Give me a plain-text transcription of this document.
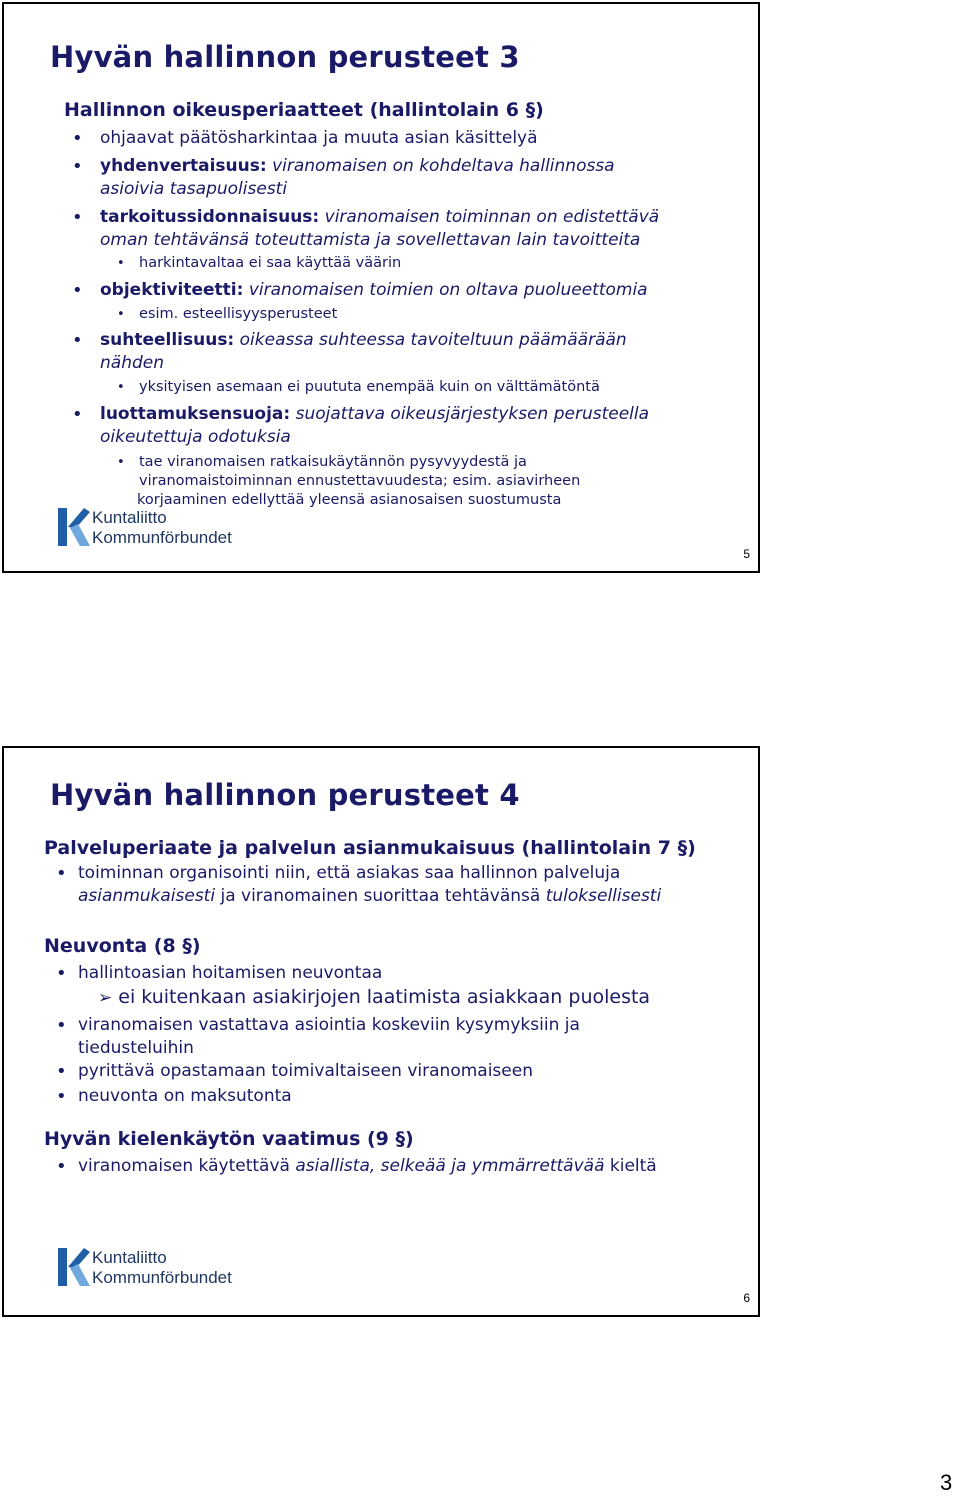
Hyvän hallinnon perusteet 3
Hallinnon oikeusperiaatteet (hallintolain 6 §)
• ohjaavat päätösharkintaa ja muuta asian käsittelyä
• yhdenvertaisuus: viranomaisen on kohdeltava hallinnossa
asioivia tasapuolisesti
• tarkoitussidonnaisuus: viranomaisen toiminnan on edistettävä
oman tehtävänsä toteuttamista ja sovellettavan lain tavoitteita
• harkintavaltaa ei saa käyttää väärin
• objektiviteetti: viranomaisen toimien on oltava puolueettomia
• esim. esteellisyysperusteet
• suhteellisuus: oikeassa suhteessa tavoiteltuun päämäärään
nähden
• yksityisen asemaan ei puututa enempää kuin on välttämätöntä
• luottamuksensuoja: suojattava oikeusjärjestyksen perusteella
oikeutettuja odotuksia
• tae viranomaisen ratkaisukäytännön pysyvyydestä ja
viranomaistoiminnan ennustettavuudesta; esim. asiavirheen
korjaaminen edellyttää yleensä asianosaisen suostumusta
Kuntaliitto
Kommunförbundet
5
Hyvän hallinnon perusteet 4
Palveluperiaate ja palvelun asianmukaisuus (hallintolain 7 §)
• toiminnan organisointi niin, että asiakas saa hallinnon palveluja
asianmukaisesti ja viranomainen suorittaa tehtävänsä tuloksellisesti
Neuvonta (8 §)
• hallintoasian hoitamisen neuvontaa
➢ ei kuitenkaan asiakirjojen laatimista asiakkaan puolesta
• viranomaisen vastattava asiointia koskeviin kysymyksiin ja
tiedusteluihin
• pyrittävä opastamaan toimivaltaiseen viranomaiseen
• neuvonta on maksutonta
Hyvän kielenkäytön vaatimus (9 §)
• viranomaisen käytettävä asiallista, selkeää ja ymmärrettävää kieltä
Kuntaliitto
Kommunförbundet
6
3
